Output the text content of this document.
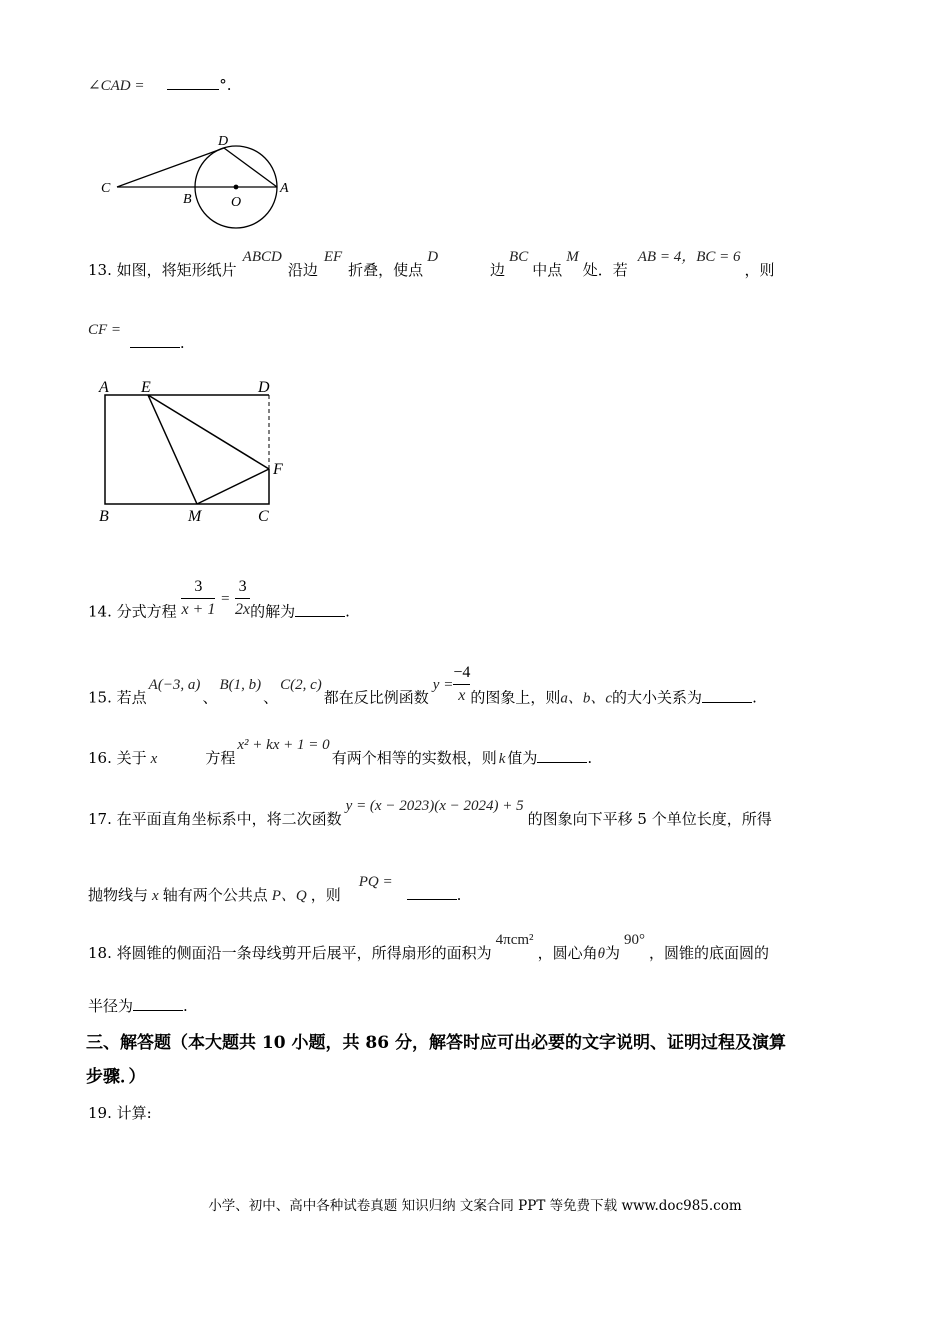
∠CAD =	°.
C
D
B	O
A
13. 如图，将矩形纸片ABCD沿边EF折叠，使点D边BC中点M处．若AB = 4，BC = 6，则
CF = .
A E	D
F
B	M	C
14. 分式方程 $\frac{3}{x + 1} = \frac{3}{2x}$ 的解为	.
15. 若点A(−3, a)、B(1, b)、C(2, c)都在反比例函数$y = \frac{-4}{x}$ 的图象上，则a、b、c的大小关系为	.
16. 关于 x	方程x² + kx + 1 = 0有两个相等的实数根，则 k 值为	.
17. 在平面直角坐标系中，将二次函数y = (x − 2023)(x − 2024) + 5的图象向下平移 5 个单位长度，所得
抛物线与 x 轴有两个公共点 P、Q ，则PQ =.
18. 将圆锥的侧面沿一条母线剪开后展平，所得扇形的面积为4πcm²，圆心角θ为90°，圆锥的底面圆的
半径为	.
三、解答题（本大题共 10 小题，共 86 分，解答时应可出必要的文字说明、证明过程及演算
步骤．）
19. 计算:
小学、初中、高中各种试卷真题 知识归纳 文案合同 PPT 等免费下载 www.doc985.com
